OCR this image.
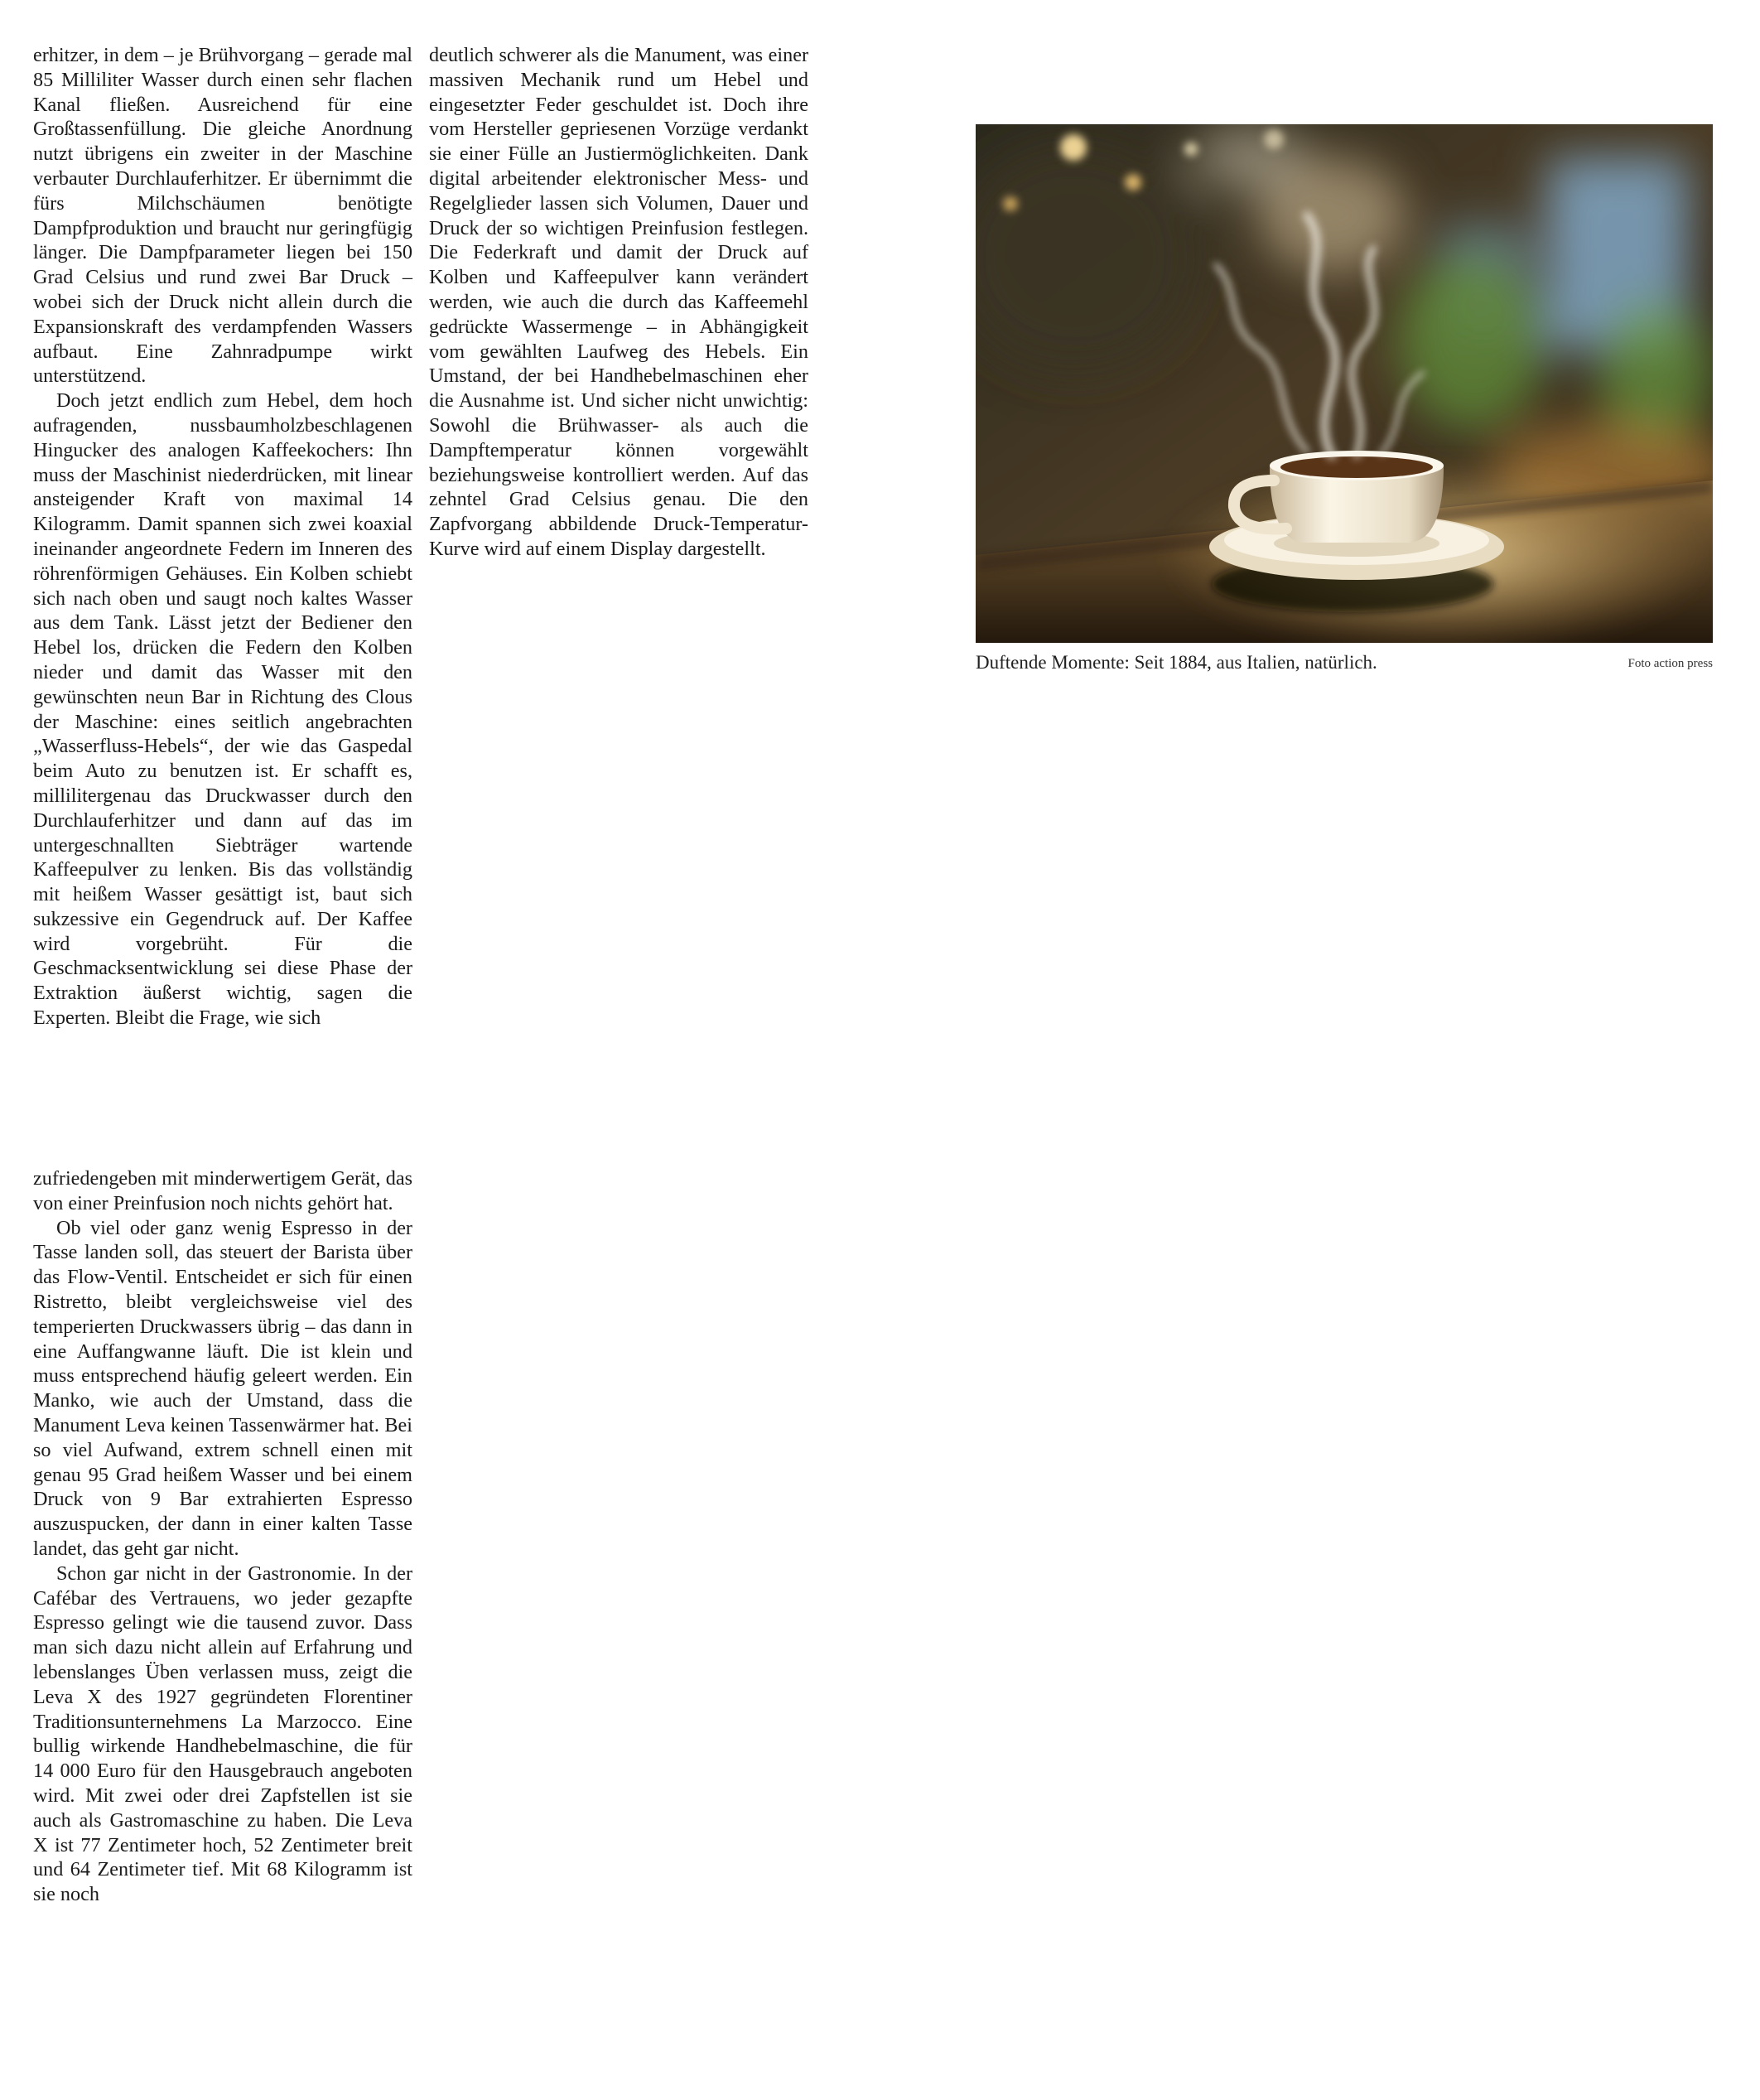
erhitzer, in dem – je Brühvorgang – gerade mal 85 Milliliter Wasser durch einen sehr flachen Kanal fließen. Ausreichend für eine Großtassenfüllung. Die gleiche Anordnung nutzt übrigens ein zweiter in der Maschine verbauter Durchlauferhitzer. Er übernimmt die fürs Milchschäumen benötigte Dampfproduktion und braucht nur geringfügig länger. Die Dampfparameter liegen bei 150 Grad Celsius und rund zwei Bar Druck – wobei sich der Druck nicht allein durch die Expansionskraft des verdampfenden Wassers aufbaut. Eine Zahnradpumpe wirkt unterstützend.

Doch jetzt endlich zum Hebel, dem hoch aufragenden, nussbaumholzbeschlagenen Hingucker des analogen Kaffeekochers: Ihn muss der Maschinist niederdrücken, mit linear ansteigender Kraft von maximal 14 Kilogramm. Damit spannen sich zwei koaxial ineinander angeordnete Federn im Inneren des röhrenförmigen Gehäuses. Ein Kolben schiebt sich nach oben und saugt noch kaltes Wasser aus dem Tank. Lässt jetzt der Bediener den Hebel los, drücken die Federn den Kolben nieder und damit das Wasser mit den gewünschten neun Bar in Richtung des Clous der Maschine: eines seitlich angebrachten „Wasserfluss-Hebels“, der wie das Gaspedal beim Auto zu benutzen ist. Er schafft es, millilitergenau das Druckwasser durch den Durchlauferhitzer und dann auf das im untergeschnallten Siebträger wartende Kaffeepulver zu lenken. Bis das vollständig mit heißem Wasser gesättigt ist, baut sich sukzessive ein Gegendruck auf. Der Kaffee wird vorgebrüht. Für die Geschmacksentwicklung sei diese Phase der Extraktion äußerst wichtig, sagen die Experten. Bleibt die Frage, wie sich

deutlich schwerer als die Manument, was einer massiven Mechanik rund um Hebel und eingesetzter Feder geschuldet ist. Doch ihre vom Hersteller gepriesenen Vorzüge verdankt sie einer Fülle an Justiermöglichkeiten. Dank digital arbeitender elektronischer Mess- und Regelglieder lassen sich Volumen, Dauer und Druck der so wichtigen Preinfusion festlegen. Die Federkraft und damit der Druck auf Kolben und Kaffeepulver kann verändert werden, wie auch die durch das Kaffeemehl gedrückte Wassermenge – in Abhängigkeit vom gewählten Laufweg des Hebels. Ein Umstand, der bei Handhebelmaschinen eher die Ausnahme ist. Und sicher nicht unwichtig: Sowohl die Brühwasser- als auch die Dampftemperatur können vorgewählt beziehungsweise kontrolliert werden. Auf das zehntel Grad Celsius genau. Die den Zapfvorgang abbildende Druck-Temperatur-Kurve wird auf einem Display dargestellt.

zufriedengeben mit minderwertigem Gerät, das von einer Preinfusion noch nichts gehört hat.

Ob viel oder ganz wenig Espresso in der Tasse landen soll, das steuert der Barista über das Flow-Ventil. Entscheidet er sich für einen Ristretto, bleibt vergleichsweise viel des temperierten Druckwassers übrig – das dann in eine Auffangwanne läuft. Die ist klein und muss entsprechend häufig geleert werden. Ein Manko, wie auch der Umstand, dass die Manument Leva keinen Tassenwärmer hat. Bei so viel Aufwand, extrem schnell einen mit genau 95 Grad heißem Wasser und bei einem Druck von 9 Bar extrahierten Espresso auszuspucken, der dann in einer kalten Tasse landet, das geht gar nicht.

Schon gar nicht in der Gastronomie. In der Cafébar des Vertrauens, wo jeder gezapfte Espresso gelingt wie die tausend zuvor. Dass man sich dazu nicht allein auf Erfahrung und lebenslanges Üben verlassen muss, zeigt die Leva X des 1927 gegründeten Florentiner Traditionsunternehmens La Marzocco. Eine bullig wirkende Handhebelmaschine, die für 14 000 Euro für den Hausgebrauch angeboten wird. Mit zwei oder drei Zapfstellen ist sie auch als Gastromaschine zu haben. Die Leva X ist 77 Zentimeter hoch, 52 Zentimeter breit und 64 Zentimeter tief. Mit 68 Kilogramm ist sie noch

Duftende Momente: Seit 1884, aus Italien, natürlich.	Foto action press
